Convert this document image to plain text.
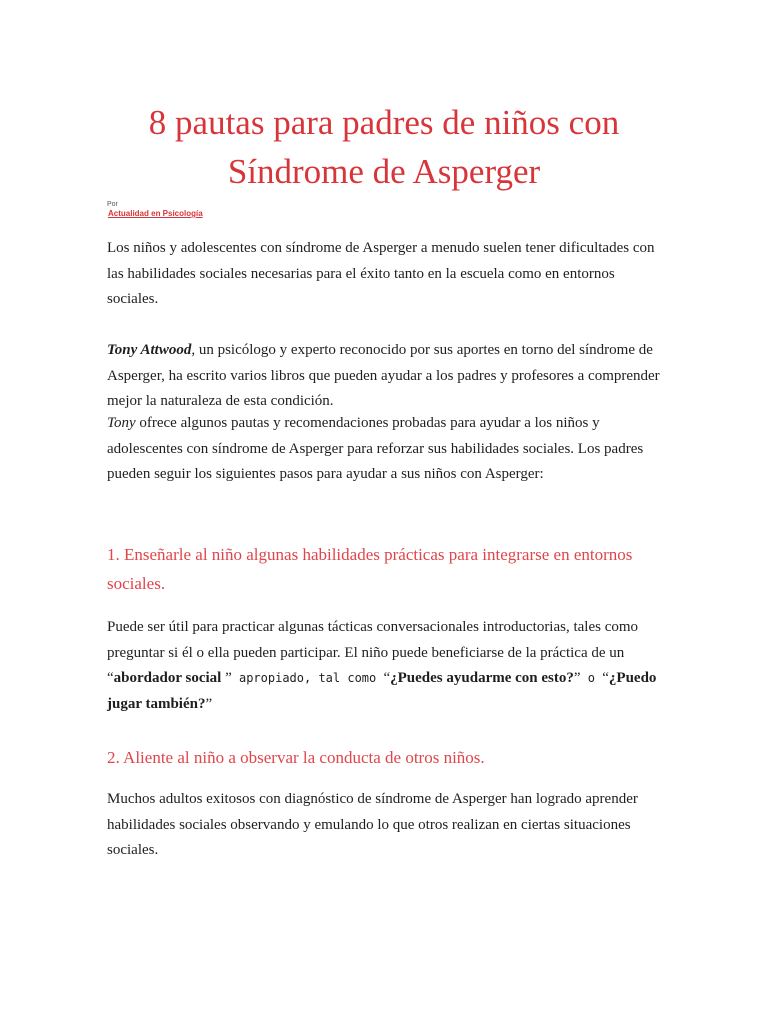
8 pautas para padres de niños con
Síndrome de Asperger
Por
Actualidad en Psicología

Los niños y adolescentes con síndrome de Asperger a menudo suelen tener dificultades con las habilidades sociales necesarias para el éxito tanto en la escuela como en entornos sociales.

Tony Attwood, un psicólogo y experto reconocido por sus aportes en torno del síndrome de Asperger, ha escrito varios libros que pueden ayudar a los padres y profesores a comprender mejor la naturaleza de esta condición.

Tony ofrece algunos pautas y recomendaciones probadas para ayudar a los niños y adolescentes con síndrome de Asperger para reforzar sus habilidades sociales. Los padres pueden seguir los siguientes pasos para ayudar a sus niños con Asperger:

1. Enseñarle al niño algunas habilidades prácticas para integrarse en entornos sociales.

Puede ser útil para practicar algunas tácticas conversacionales introductorias, tales como preguntar si él o ella pueden participar. El niño puede beneficiarse de la práctica de un “abordador social ” apropiado, tal como “¿Puedes ayudarme con esto?” o “¿Puedo jugar también?”

2. Aliente al niño a observar la conducta de otros niños.

Muchos adultos exitosos con diagnóstico de síndrome de Asperger han logrado aprender habilidades sociales observando y emulando lo que otros realizan en ciertas situaciones sociales.
